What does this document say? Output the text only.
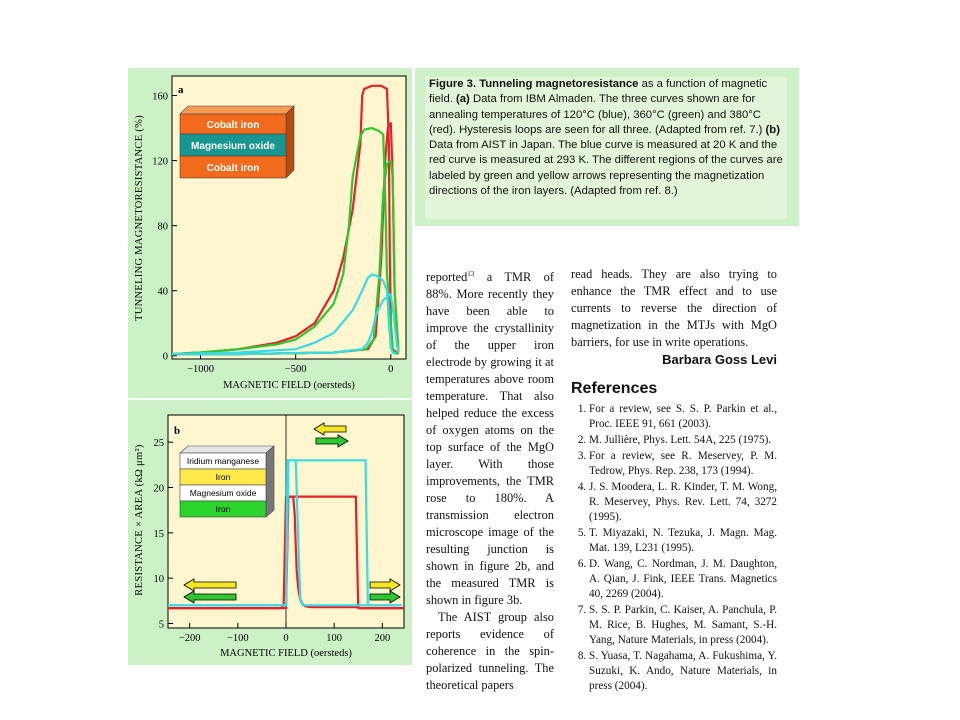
a
−1000	−500	0
0
40
80
120
160
Cobalt iron
Magnesium oxide
Cobalt iron
TUNNELING MAGNETORESISTANCE (%)
MAGNETIC FIELD (oersteds)
b
−200	−100	0	100	200
5
10
15
20
25
Iridium manganese
Iron
Magnesium oxide
Iron
RESISTANCE × AREA (kΩ μm²)
MAGNETIC FIELD (oersteds)
Figure 3. Tunneling magnetoresistance as a function of magnetic field. (a) Data from IBM Almaden. The three curves shown are for annealing temperatures of 120°C (blue), 360°C (green) and 380°C (red). Hysteresis loops are seen for all three. (Adapted from ref. 7.) (b) Data from AIST in Japan. The blue curve is measured at 20 K and the red curve is measured at 293 K. The different regions of the curves are labeled by green and yellow arrows representing the magnetization directions of the iron layers. (Adapted from ref. 8.)
reported$^{13}$ a TMR of 88%. More recently they have been able to improve the crystallinity of the upper iron electrode by growing it at temperatures above room temperature. That also helped reduce the excess of oxygen atoms on the top surface of the MgO layer. With those improvements, the TMR rose to 180%. A transmission electron microscope image of the resulting junction is shown in figure 2b, and the measured TMR is shown in figure 3b.
The AIST group also reports evidence of coherence in the spin-polarized tunneling. The theoretical papers
read heads. They are also trying to enhance the TMR effect and to use currents to reverse the direction of magnetization in the MTJs with MgO barriers, for use in write operations.
Barbara Goss Levi
References
1. For a review, see S. S. P. Parkin et al., Proc. IEEE 91, 661 (2003).
2. M. Jullière, Phys. Lett. 54A, 225 (1975).
3. For a review, see R. Meservey, P. M. Tedrow, Phys. Rep. 238, 173 (1994).
4. J. S. Moodera, L. R. Kinder, T. M. Wong, R. Meservey, Phys. Rev. Lett. 74, 3272 (1995).
5. T. Miyazaki, N. Tezuka, J. Magn. Mag. Mat. 139, L231 (1995).
6. D. Wang, C. Nordman, J. M. Daughton, A. Qian, J. Fink, IEEE Trans. Magnetics 40, 2269 (2004).
7. S. S. P. Parkin, C. Kaiser, A. Panchula, P. M. Rice, B. Hughes, M. Samant, S.-H. Yang, Nature Materials, in press (2004).
8. S. Yuasa, T. Nagahama, A. Fukushima, Y. Suzuki, K. Ando, Nature Materials, in press (2004).
